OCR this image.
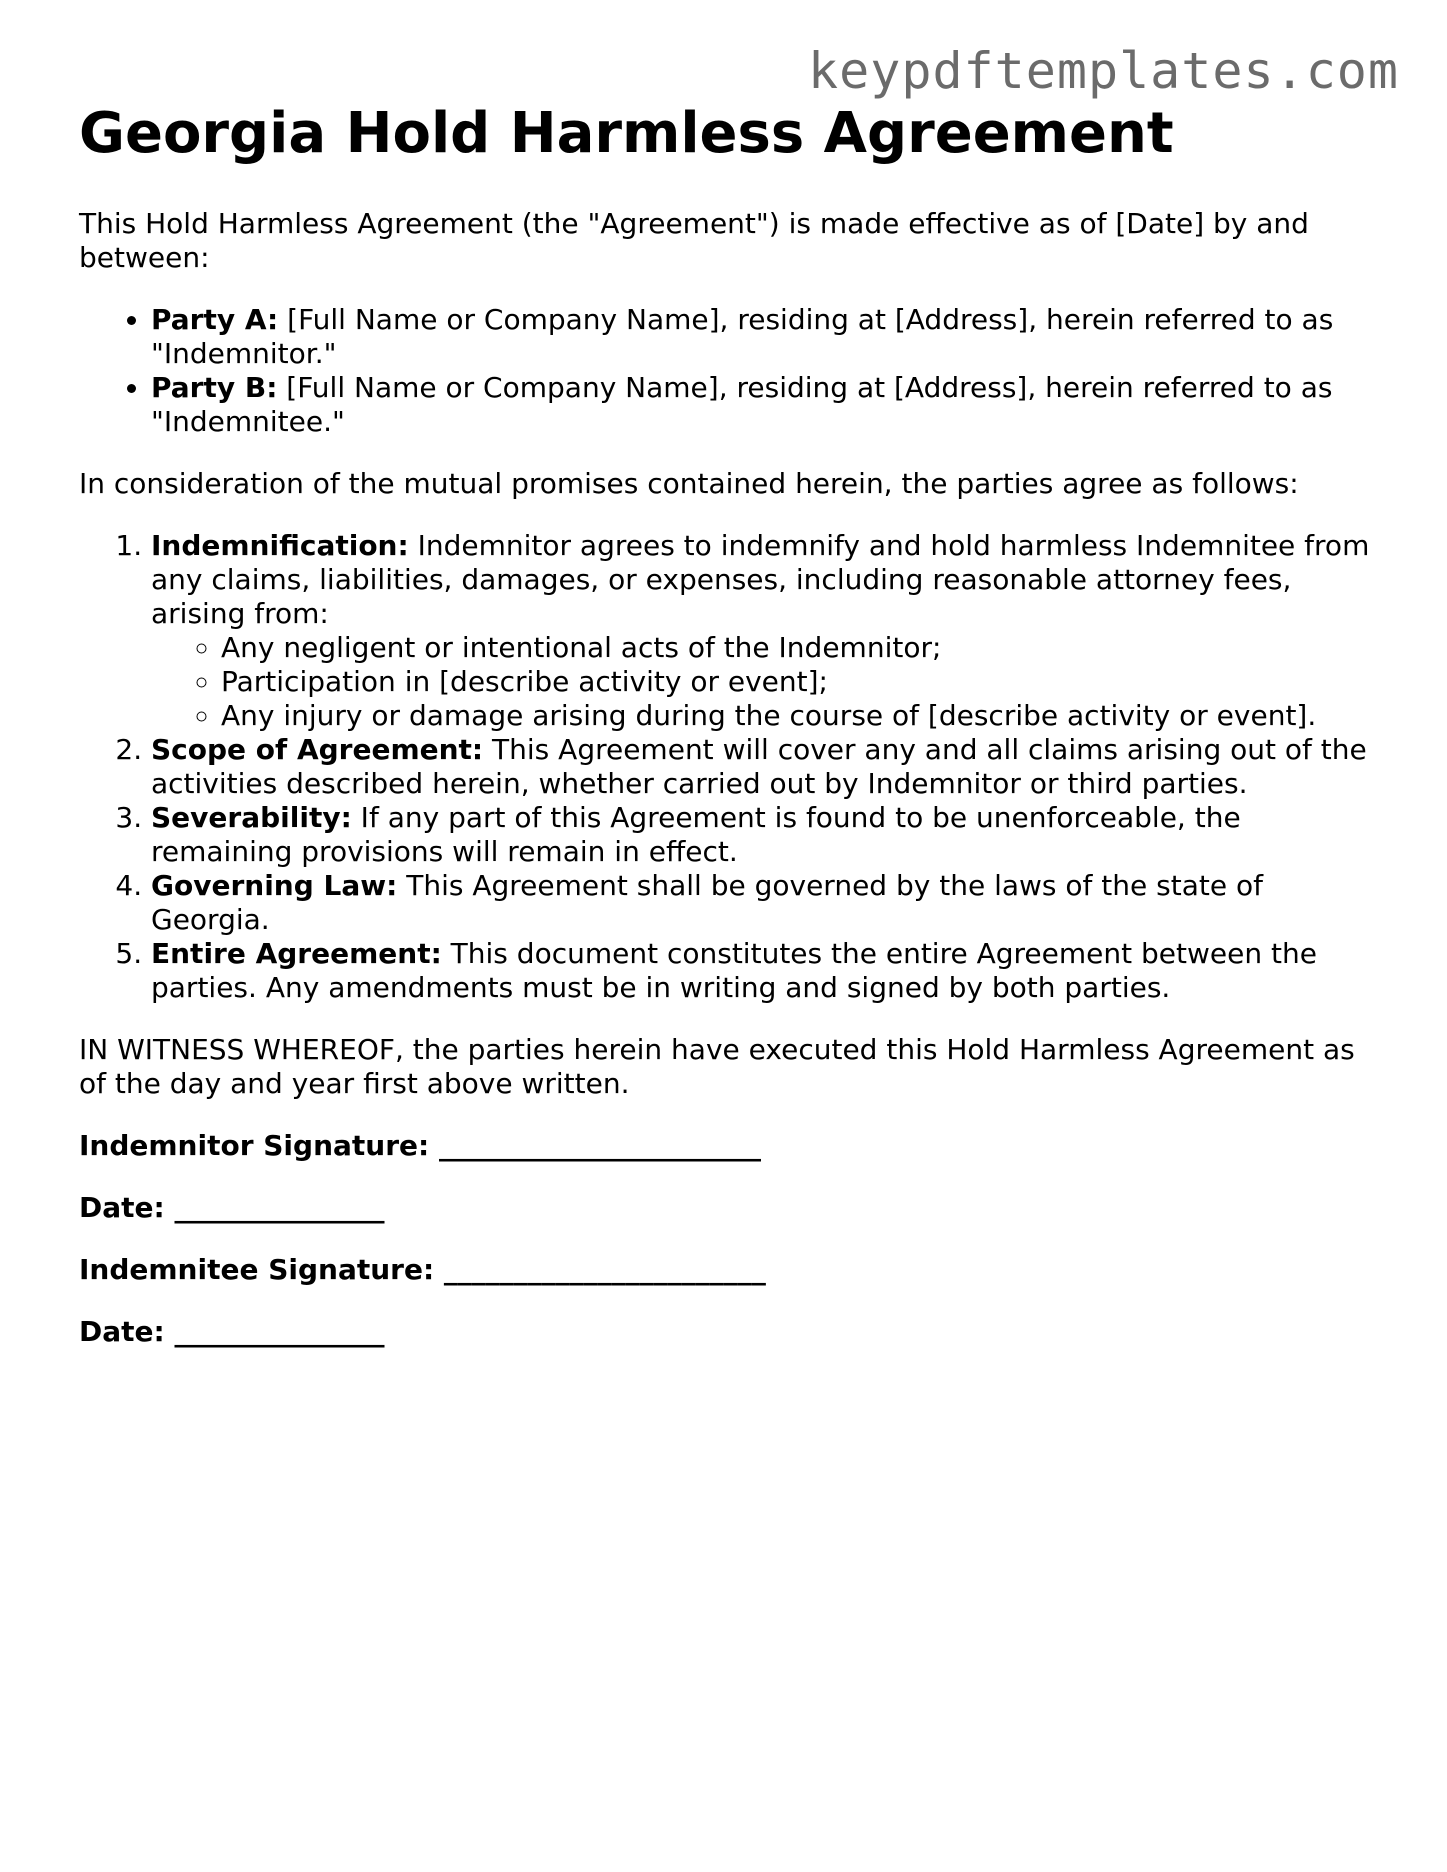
keypdftemplates.com
Georgia Hold Harmless Agreement

This Hold Harmless Agreement (the "Agreement") is made effective as of [Date] by and between:

• Party A: [Full Name or Company Name], residing at [Address], herein referred to as "Indemnitor."
• Party B: [Full Name or Company Name], residing at [Address], herein referred to as "Indemnitee."

In consideration of the mutual promises contained herein, the parties agree as follows:

1. Indemnification: Indemnitor agrees to indemnify and hold harmless Indemnitee from any claims, liabilities, damages, or expenses, including reasonable attorney fees, arising from:
◦ Any negligent or intentional acts of the Indemnitor;
◦ Participation in [describe activity or event];
◦ Any injury or damage arising during the course of [describe activity or event].
2. Scope of Agreement: This Agreement will cover any and all claims arising out of the activities described herein, whether carried out by Indemnitor or third parties.
3. Severability: If any part of this Agreement is found to be unenforceable, the remaining provisions will remain in effect.
4. Governing Law: This Agreement shall be governed by the laws of the state of Georgia.
5. Entire Agreement: This document constitutes the entire Agreement between the parties. Any amendments must be in writing and signed by both parties.

IN WITNESS WHEREOF, the parties herein have executed this Hold Harmless Agreement as of the day and year first above written.

Indemnitor Signature: _______________________
Date: _______________
Indemnitee Signature: _______________________
Date: _______________
